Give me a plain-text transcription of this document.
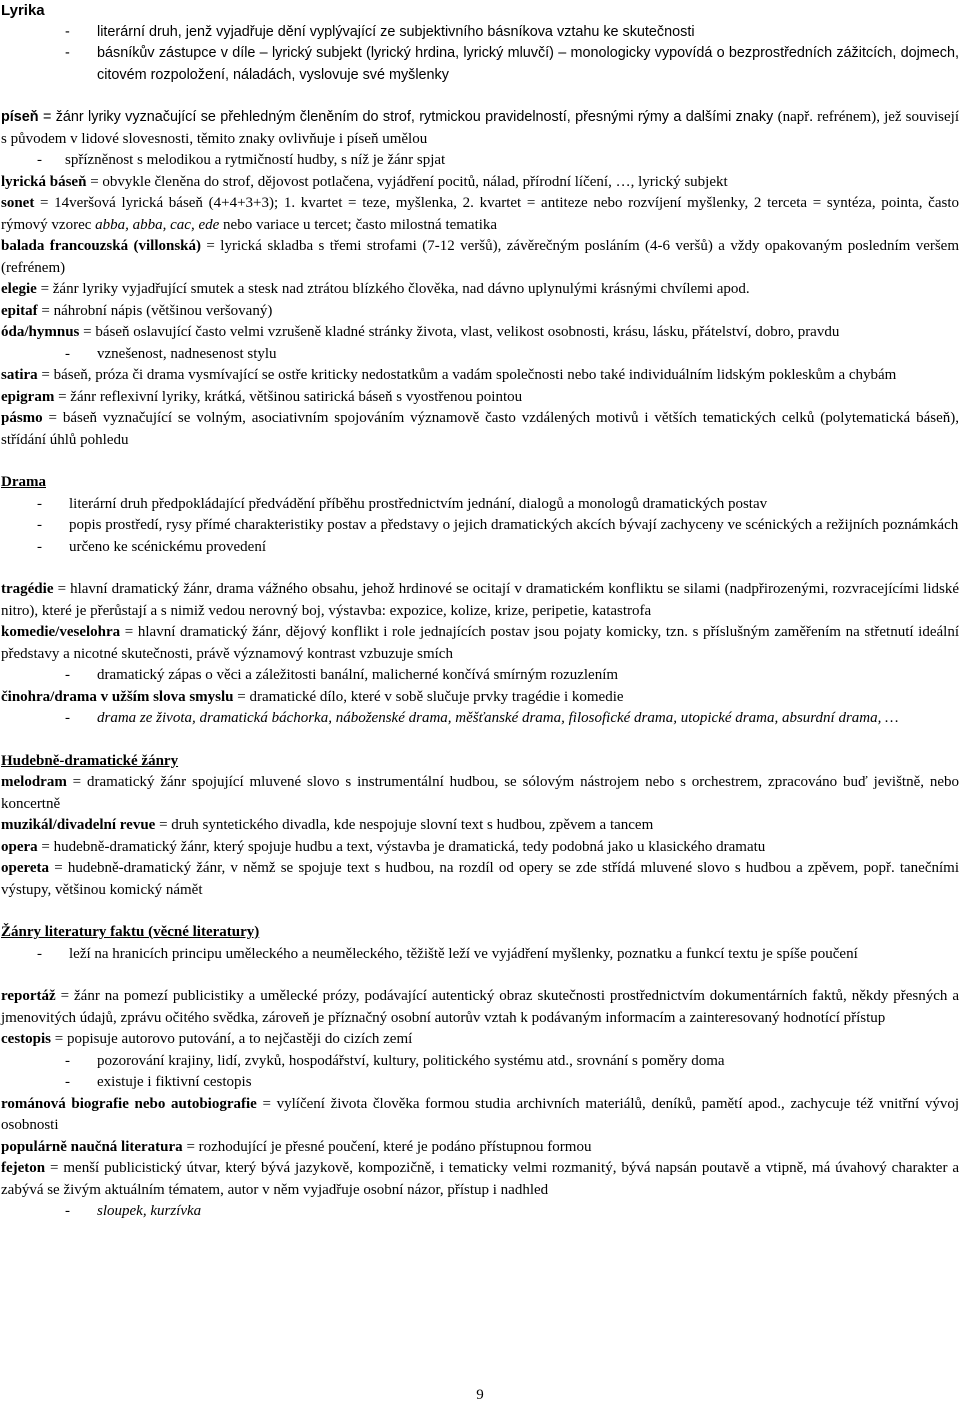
Lyrika

- literární druh, jenž vyjadřuje dění vyplývající ze subjektivního básníkova vztahu ke skutečnosti

- básníkův zástupce v díle – lyrický subjekt (lyrický hrdina, lyrický mluvčí) – monologicky vypovídá o bezprostředních zážitcích, dojmech, citovém rozpoložení, náladách, vyslovuje své myšlenky

píseň = žánr lyriky vyznačující se přehledným členěním do strof, rytmickou pravidelností, přesnými rýmy a dalšími znaky (např. refrénem), jež souvisejí s původem v lidové slovesnosti, těmito znaky ovlivňuje i píseň umělou

- spřízněnost s melodikou a rytmičností hudby, s níž je žánr spjat

lyrická báseň = obvykle členěna do strof, dějovost potlačena, vyjádření pocitů, nálad, přírodní líčení, …, lyrický subjekt

sonet = 14veršová lyrická báseň (4+4+3+3); 1. kvartet = teze, myšlenka, 2. kvartet = antiteze nebo rozvíjení myšlenky, 2 terceta = syntéza, pointa, často rýmový vzorec abba, abba, cac, ede nebo variace u tercet; často milostná tematika

balada francouzská (villonská) = lyrická skladba s třemi strofami (7-12 veršů), závěrečným posláním (4-6 veršů) a vždy opakovaným posledním veršem (refrénem)

elegie = žánr lyriky vyjadřující smutek a stesk nad ztrátou blízkého člověka, nad dávno uplynulými krásnými chvílemi apod.

epitaf = náhrobní nápis (většinou veršovaný)

óda/hymnus = báseň oslavující často velmi vzrušeně kladné stránky života, vlast, velikost osobnosti, krásu, lásku, přátelství, dobro, pravdu

- vznešenost, nadnesenost stylu

satira = báseň, próza či drama vysmívající se ostře kriticky nedostatkům a vadám společnosti nebo také individuálním lidským pokleskům a chybám

epigram = žánr reflexivní lyriky, krátká, většinou satirická báseň s vyostřenou pointou

pásmo = báseň vyznačující se volným, asociativním spojováním významově často vzdálených motivů i větších tematických celků (polytematická báseň), střídání úhlů pohledu

Drama

- literární druh předpokládající předvádění příběhu prostřednictvím jednání, dialogů a monologů dramatických postav

- popis prostředí, rysy přímé charakteristiky postav a představy o jejich dramatických akcích bývají zachyceny ve scénických a režijních poznámkách

- určeno ke scénickému provedení

tragédie = hlavní dramatický žánr, drama vážného obsahu, jehož hrdinové se ocitají v dramatickém konfliktu se silami (nadpřirozenými, rozvracejícími lidské nitro), které je přerůstají a s nimiž vedou nerovný boj, výstavba: expozice, kolize, krize, peripetie, katastrofa

komedie/veselohra = hlavní dramatický žánr, dějový konflikt i role jednajících postav jsou pojaty komicky, tzn. s příslušným zaměřením na střetnutí ideální představy a nicotné skutečnosti, právě významový kontrast vzbuzuje smích

- dramatický zápas o věci a záležitosti banální, malicherné končívá smírným rozuzlením

činohra/drama v užším slova smyslu = dramatické dílo, které v sobě slučuje prvky tragédie i komedie

- drama ze života, dramatická báchorka, náboženské drama, měšťanské drama, filosofické drama, utopické drama, absurdní drama, …

Hudebně-dramatické žánry

melodram = dramatický žánr spojující mluvené slovo s instrumentální hudbou, se sólovým nástrojem nebo s orchestrem, zpracováno buď jevištně, nebo koncertně

muzikál/divadelní revue = druh syntetického divadla, kde nespojuje slovní text s hudbou, zpěvem a tancem

opera = hudebně-dramatický žánr, který spojuje hudbu a text, výstavba je dramatická, tedy podobná jako u klasického dramatu

opereta = hudebně-dramatický žánr, v němž se spojuje text s hudbou, na rozdíl od opery se zde střídá mluvené slovo s hudbou a zpěvem, popř. tanečními výstupy, většinou komický námět

Žánry literatury faktu (věcné literatury)

- leží na hranicích principu uměleckého a neuměleckého, těžiště leží ve vyjádření myšlenky, poznatku a funkcí textu je spíše poučení

reportáž = žánr na pomezí publicistiky a umělecké prózy, podávající autentický obraz skutečnosti prostřednictvím dokumentárních faktů, někdy přesných a jmenovitých údajů, zprávu očitého svědka, zároveň je příznačný osobní autorův vztah k podávaným informacím a zainteresovaný hodnotící přístup

cestopis = popisuje autorovo putování, a to nejčastěji do cizích zemí

- pozorování krajiny, lidí, zvyků, hospodářství, kultury, politického systému atd., srovnání s poměry doma

- existuje i fiktivní cestopis

románová biografie nebo autobiografie = vylíčení života člověka formou studia archivních materiálů, deníků, pamětí apod., zachycuje též vnitřní vývoj osobnosti

populárně naučná literatura = rozhodující je přesné poučení, které je podáno přístupnou formou

fejeton = menší publicistický útvar, který bývá jazykově, kompozičně, i tematicky velmi rozmanitý, bývá napsán poutavě a vtipně, má úvahový charakter a zabývá se živým aktuálním tématem, autor v něm vyjadřuje osobní názor, přístup i nadhled

- sloupek, kurzívka

9
